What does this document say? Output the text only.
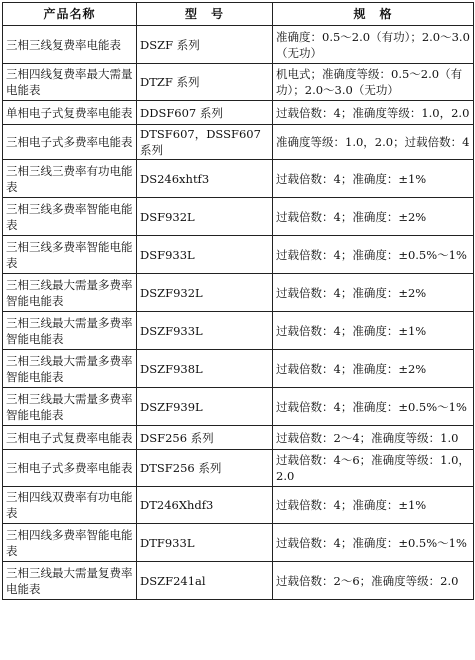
产品名称	型　号	规　格
三相三线复费率电能表	DSZF 系列	准确度：0.5～2.0（有功）；2.0～3.0（无功）
三相四线复费率最大需量电能表	DTZF 系列	机电式；准确度等级：0.5～2.0（有功）；2.0～3.0（无功）
单相电子式复费率电能表	DDSF607 系列	过载倍数：4；准确度等级：1.0，2.0
三相电子式多费率电能表	DTSF607，DSSF607 系列	准确度等级：1.0，2.0；过载倍数：4
三相三线三费率有功电能表	DS246xhtf3	过载倍数：4；准确度：±1%
三相三线多费率智能电能表	DSF932L	过载倍数：4；准确度：±2%
三相三线多费率智能电能表	DSF933L	过载倍数：4；准确度：±0.5%～1%
三相三线最大需量多费率智能电能表	DSZF932L	过载倍数：4；准确度：±2%
三相三线最大需量多费率智能电能表	DSZF933L	过载倍数：4；准确度：±1%
三相三线最大需量多费率智能电能表	DSZF938L	过载倍数：4；准确度：±2%
三相三线最大需量多费率智能电能表	DSZF939L	过载倍数：4；准确度：±0.5%～1%
三相电子式复费率电能表	DSF256 系列	过载倍数：2～4；准确度等级：1.0
三相电子式多费率电能表	DTSF256 系列	过载倍数：4～6；准确度等级：1.0，2.0
三相四线双费率有功电能表	DT246Xhdf3	过载倍数：4；准确度：±1%
三相四线多费率智能电能表	DTF933L	过载倍数：4；准确度：±0.5%～1%
三相三线最大需量复费率电能表	DSZF241al	过载倍数：2～6；准确度等级：2.0
